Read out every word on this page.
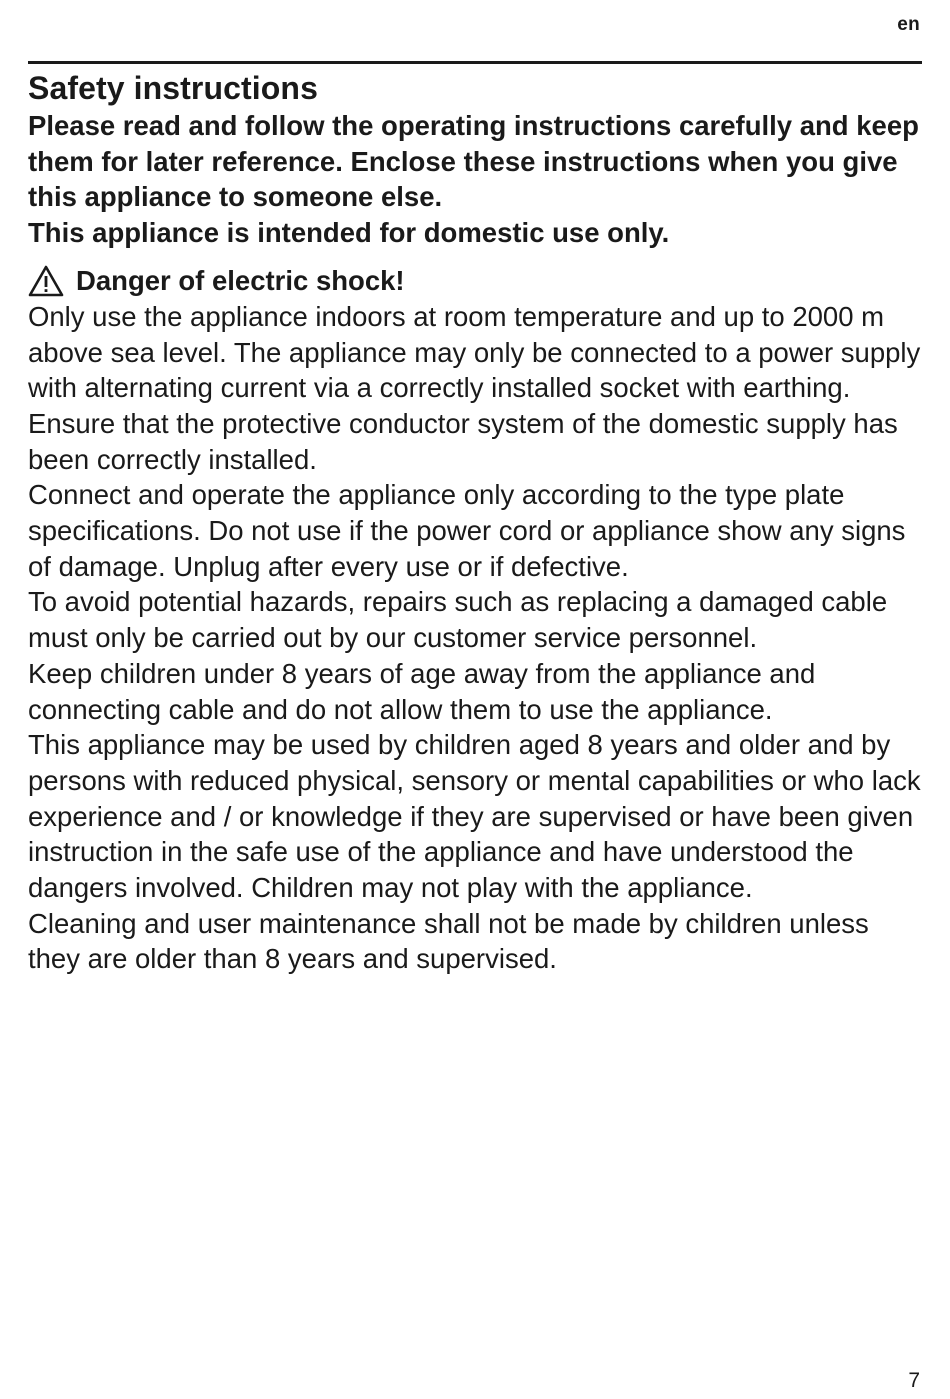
en
Safety instructions

Please read and follow the operating instructions carefully and keep them for later reference. Enclose these instructions when you give this appliance to someone else.

This appliance is intended for domestic use only.

Danger of electric shock!

Only use the appliance indoors at room temperature and up to 2000 m above sea level. The appliance may only be connected to a power supply with alternating current via a correctly installed socket with earthing. Ensure that the protective conductor system of the domestic supply has been correctly installed.

Connect and operate the appliance only according to the type plate specifications. Do not use if the power cord or appliance show any signs of damage. Unplug after every use or if defective.

To avoid potential hazards, repairs such as replacing a damaged cable must only be carried out by our customer service personnel.

Keep children under 8 years of age away from the appliance and connecting cable and do not allow them to use the appliance.

This appliance may be used by children aged 8 years and older and by persons with reduced physical, sensory or mental capabilities or who lack experience and / or knowledge if they are supervised or have been given instruction in the safe use of the appliance and have understood the dangers involved. Children may not play with the appliance.

Cleaning and user maintenance shall not be made by children unless they are older than 8 years and supervised.

7
